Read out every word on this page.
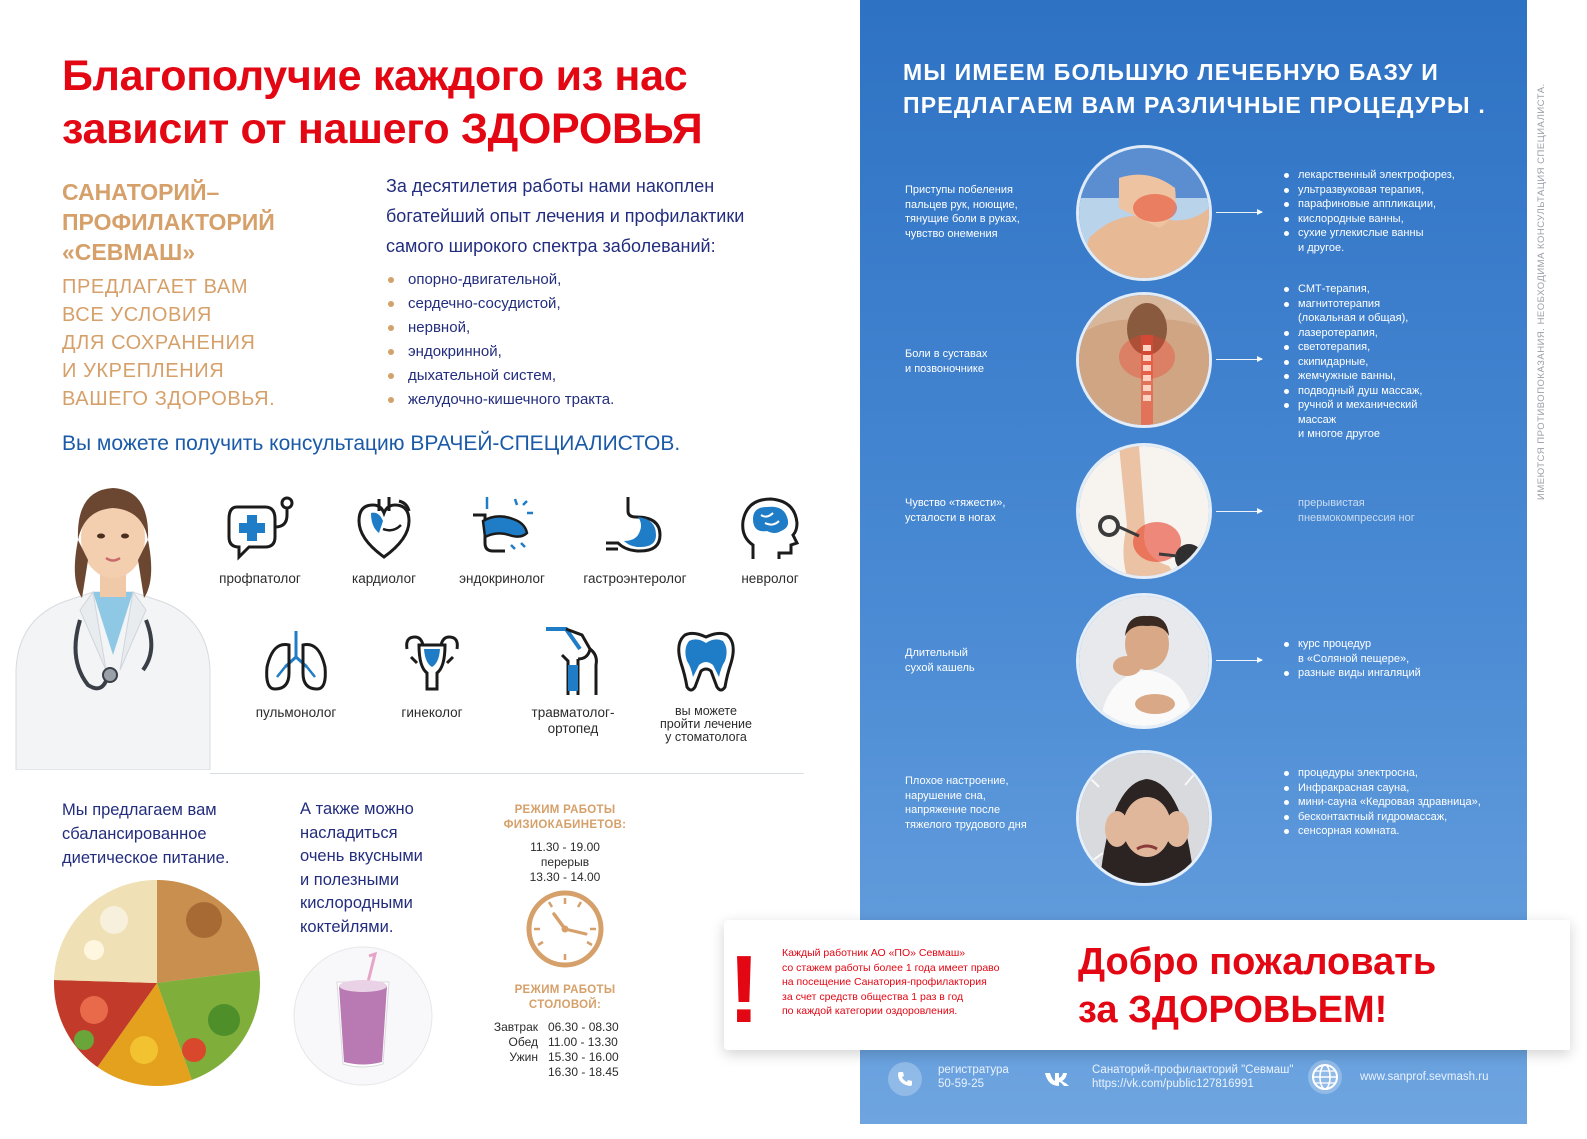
Благополучие каждого из нас
зависит от нашего ЗДОРОВЬЯ
САНАТОРИЙ–
ПРОФИЛАКТОРИЙ
«СЕВМАШ»
ПРЕДЛАГАЕТ ВАМ
ВСЕ УСЛОВИЯ
ДЛЯ СОХРАНЕНИЯ
И УКРЕПЛЕНИЯ
ВАШЕГО ЗДОРОВЬЯ.
За десятилетия работы нами накоплен
богатейший опыт лечения и профилактики
самого широкого спектра заболеваний:
опорно-двигательной,
сердечно-сосудистой,
нервной,
эндокринной,
дыхательной систем,
желудочно-кишечного тракта.
Вы можете получить консультацию ВРАЧЕЙ-СПЕЦИАЛИСТОВ.
профпатолог	кардиолог	эндокринолог	гастроэнтеролог	невролог
пульмонолог	гинеколог	травматолог-
ортопед
вы можете
пройти лечение
у стоматолога
Мы предлагаем вам
сбалансированное
диетическое питание.
А также можно
насладиться
очень вкусными
и полезными
кислородными
коктейлями.
РЕЖИМ РАБОТЫ
ФИЗИОКАБИНЕТОВ:
11.30 - 19.00
перерыв
13.30 - 14.00
РЕЖИМ РАБОТЫ
СТОЛОВОЙ:
Завтрак 06.30 - 08.30
Обед 11.00 - 13.30
Ужин 15.30 - 16.00
16.30 - 18.45
МЫ ИМЕЕМ БОЛЬШУЮ ЛЕЧЕБНУЮ БАЗУ И
ПРЕДЛАГАЕМ ВАМ РАЗЛИЧНЫЕ ПРОЦЕДУРЫ .	ИМЕЮТСЯ ПРОТИВОПОКАЗАНИЯ. НЕОБХОДИМА КОНСУЛЬТАЦИЯ СПЕЦИАЛИСТА.
Приступы побеления
пальцев рук, ноющие,
тянущие боли в руках,
чувство онемения
лекарственный электрофорез,
ультразвуковая терапия,
парафиновые аппликации,
кислородные ванны,
сухие углекислые ванны
и другое.
Боли в суставах
и позвоночнике
СМТ-терапия,
магнитотерапия
(локальная и общая),
лазеротерапия,
светотерапия,
скипидарные,
жемчужные ванны,
подводный душ массаж,
ручной и механический
массаж
и многое другое
Чувство «тяжести»,
усталости в ногах
прерывистая
пневмокомпрессия ног
Длительный
сухой кашель
курс процедур
в «Соляной пещере»,
разные виды ингаляций
Плохое настроение,
нарушение сна,
напряжение после
тяжелого трудового дня
процедуры электросна,
Инфракрасная сауна,
мини-сауна «Кедровая здравница»,
бесконтактный гидромассаж,
сенсорная комната.
! Каждый работник АО «ПО» Севмаш»
со стажем работы более 1 года имеет право
на посещение Санатория-профилактория
за счет средств общества 1 раз в год
по каждой категории оздоровления.
Добро пожаловать
за ЗДОРОВЬЕМ!
регистратура
50-59-25
Санаторий-профилакторий "Севмаш"
https://vk.com/public127816991
www.sanprof.sevmash.ru
